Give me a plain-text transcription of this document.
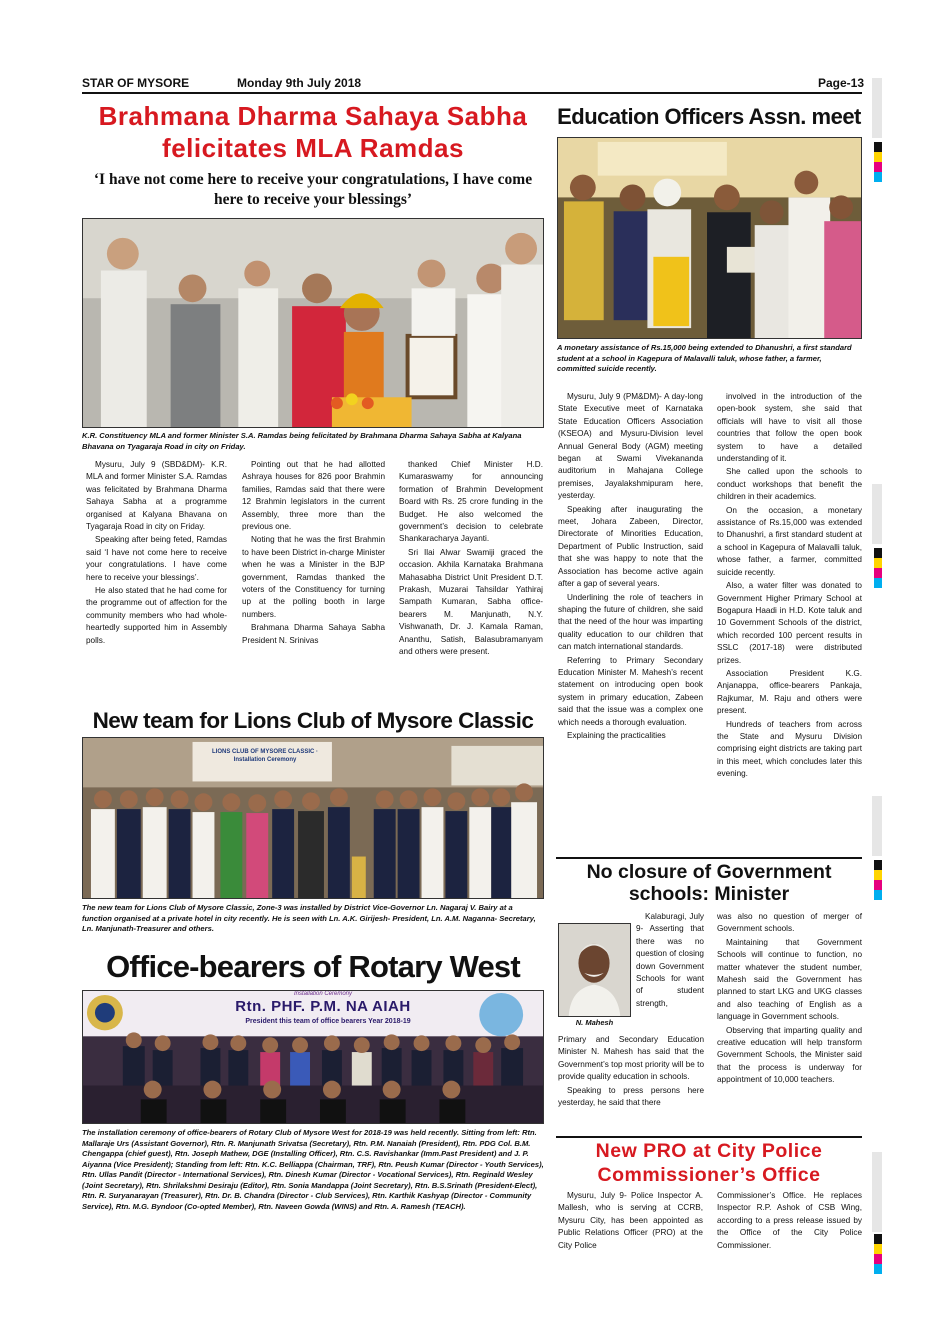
STAR OF MYSORE	Monday 9th July 2018	Page-13
Brahmana Dharma Sahaya Sabha felicitates MLA Ramdas
‘I have not come here to receive your congratulations, I have come here to receive your blessings’
K.R. Constituency MLA and former Minister S.A. Ramdas being felicitated by Brahmana Dharma Sahaya Sabha at Kalyana Bhavana on Tyagaraja Road in city on Friday.

Mysuru, July 9 (SBD&DM)- K.R. MLA and former Minister S.A. Ramdas was felicitated by Brahmana Dharma Sahaya Sabha at a programme organised at Kalyana Bhavana on Tyagaraja Road in city on Friday.

Speaking after being feted, Ramdas said ‘I have not come here to receive your congratulations. I have come here to receive your blessings’.

He also stated that he had come for the programme out of affection for the community members who had whole-heartedly supported him in Assembly polls.

Pointing out that he had allotted Ashraya houses for 826 poor Brahmin families, Ramdas said that there were 12 Brahmin legislators in the current Assembly, three more than the previous one.

Noting that he was the first Brahmin to have been District in-charge Minister when he was a Minister in the BJP government, Ramdas thanked the voters of the Constituency for turning up at the polling booth in large numbers.

Brahmana Dharma Sahaya Sabha President N. Srinivas

thanked Chief Minister H.D. Kumaraswamy for announcing formation of Brahmin Development Board with Rs. 25 crore funding in the Budget. He also welcomed the government’s decision to celebrate Shankaracharya Jayanti.

Sri Ilai Alwar Swamiji graced the occasion. Akhila Karnataka Brahmana Mahasabha District Unit President D.T. Prakash, Muzarai Tahsildar Yathiraj Sampath Kumaran, Sabha office-bearers M. Manjunath, N.Y. Vishwanath, Dr. J. Kamala Raman, Ananthu, Satish, Balasubramanyam and others were present.

Education Officers Assn. meet
A monetary assistance of Rs.15,000 being extended to Dhanushri, a first standard student at a school in Kagepura of Malavalli taluk, whose father, a farmer, committed suicide recently.

Mysuru, July 9 (PM&DM)- A day-long State Executive meet of Karnataka State Education Officers Association (KSEOA) and Mysuru-Division level Annual General Body (AGM) meeting began at Swami Vivekananda auditorium in Mahajana College premises, Jayalakshmipuram here, yesterday.

Speaking after inaugurating the meet, Johara Zabeen, Director, Directorate of Minorities Education, Department of Public Instruction, said that she was happy to note that the Association has become active again after a gap of several years.

Underlining the role of teachers in shaping the future of children, she said that the need of the hour was imparting quality education to our children that can match international standards.

Referring to Primary Secondary Education Minister M. Mahesh’s recent statement on introducing open book system in primary education, Zabeen said that the issue was a complex one which needs a thorough evaluation.

Explaining the practicalities

involved in the introduction of the open-book system, she said that officials will have to visit all those countries that follow the open book system to have a detailed understanding of it.

She called upon the schools to conduct workshops that benefit the children in their academics.

On the occasion, a monetary assistance of Rs.15,000 was extended to Dhanushri, a first standard student at a school in Kagepura of Malavalli taluk, whose father, a farmer, committed suicide recently.

Also, a water filter was donated to Government Higher Primary School at Bogapura Haadi in H.D. Kote taluk and 10 Government Schools of the district, which recorded 100 percent results in SSLC (2017-18) were distributed prizes.

Association President K.G. Anjanappa, office-bearers Pankaja, Rajkumar, M. Raju and others were present.

Hundreds of teachers from across the State and Mysuru Division comprising eight districts are taking part in this meet, which concludes later this evening.

New team for Lions Club of Mysore Classic
LIONS CLUB OF MYSORE CLASSIC · Installation Ceremony
The new team for Lions Club of Mysore Classic, Zone-3 was installed by District Vice-Governor Ln. Nagaraj V. Bairy at a function organised at a private hotel in city recently. He is seen with Ln. A.K. Girijesh- President, Ln. A.M. Naganna- Secretary, Ln. Manjunath-Treasurer and others.
Office-bearers of Rotary West
Installation Ceremony
Rtn. PHF. P.M. NA AIAH
President this team of office bearers Year 2018-19
The installation ceremony of office-bearers of Rotary Club of Mysore West for 2018-19 was held recently. Sitting from left: Rtn. Mallaraje Urs (Assistant Governor), Rtn. R. Manjunath Srivatsa (Secretary), Rtn. P.M. Nanaiah (President), Rtn. PDG Col. B.M. Chengappa (chief guest), Rtn. Joseph Mathew, DGE (Installing Officer), Rtn. C.S. Ravishankar (Imm.Past President) and J. P. Aiyanna (Vice President); Standing from left: Rtn. K.C. Belliappa (Chairman, TRF), Rtn. Peush Kumar (Director - Youth Services), Rtn. Ullas Pandit (Director - International Services), Rtn. Dinesh Kumar (Director - Vocational Services), Rtn. Reginald Wesley (Joint Secretary), Rtn. Shrilakshmi Desiraju (Editor), Rtn. Sonia Mandappa (Joint Secretary), Rtn. B.S.Srinath (President-Elect), Rtn. R. Suryanarayan (Treasurer), Rtn. Dr. B. Chandra (Director - Club Services), Rtn. Karthik Kashyap (Director - Community Service), Rtn. M.G. Byndoor (Co-opted Member), Rtn. Naveen Gowda (WINS) and Rtn. A. Ramesh (TEACH).
No closure of Government schools: Minister
N. Mahesh

Kalaburagi, July 9- Asserting that there was no question of closing down Government Schools for want of student strength,

Primary and Secondary Education Minister N. Mahesh has said that the Government’s top most priority will be to provide quality education in schools.

Speaking to press persons here yesterday, he said that there

was also no question of merger of Government schools.

Maintaining that Government Schools will continue to function, no matter whatever the student number, Mahesh said the Government has planned to start LKG and UKG classes and also teaching of English as a language in Government schools.

Observing that imparting quality and creative education will help transform Government Schools, the Minister said that the process is underway for appointment of 10,000 teachers.

New PRO at City Police Commissioner’s Office

Mysuru, July 9- Police Inspector A. Mallesh, who is serving at CCRB, Mysuru City, has been appointed as Public Relations Officer (PRO) at the City Police

Commissioner’s Office. He replaces Inspector R.P. Ashok of CSB Wing, according to a press release issued by the Office of the City Police Commissioner.
